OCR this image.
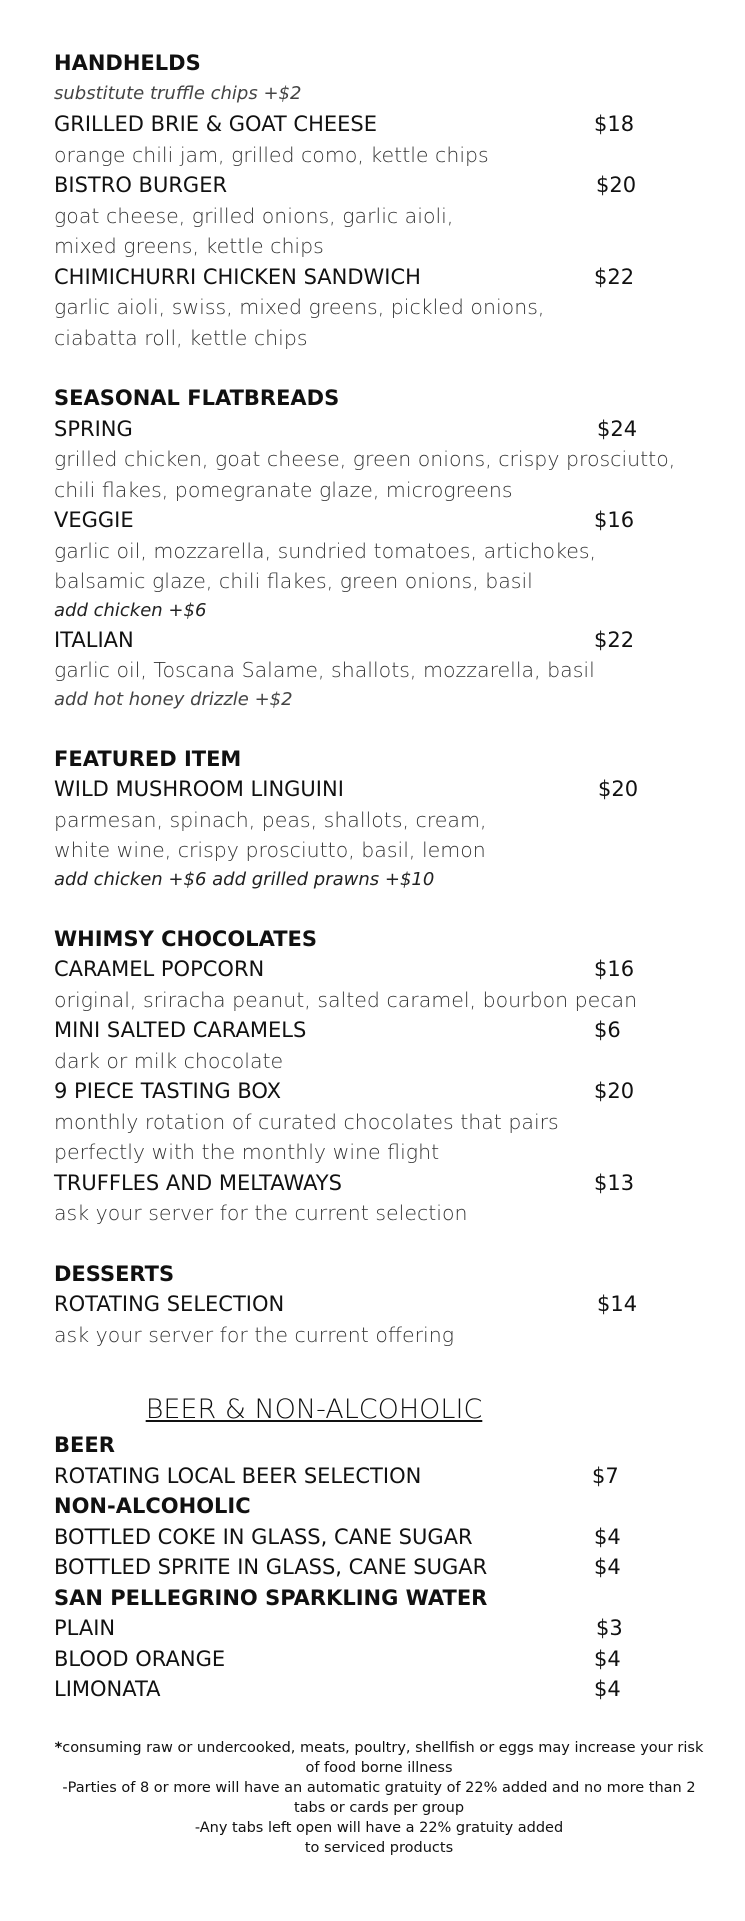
HANDHELDS
substitute truffle chips +$2
GRILLED BRIE & GOAT CHEESE	$18
orange chili jam, grilled como, kettle chips
BISTRO BURGER	$20
goat cheese, grilled onions, garlic aioli,
mixed greens, kettle chips
CHIMICHURRI CHICKEN SANDWICH	$22
garlic aioli, swiss, mixed greens, pickled onions,
ciabatta roll, kettle chips
SEASONAL FLATBREADS
SPRING	$24
grilled chicken, goat cheese, green onions, crispy prosciutto,
chili flakes, pomegranate glaze, microgreens
VEGGIE	$16
garlic oil, mozzarella, sundried tomatoes, artichokes,
balsamic glaze, chili flakes, green onions, basil
add chicken +$6
ITALIAN	$22
garlic oil, Toscana Salame, shallots, mozzarella, basil
add hot honey drizzle +$2
FEATURED ITEM
WILD MUSHROOM LINGUINI	$20
parmesan, spinach, peas, shallots, cream,
white wine, crispy prosciutto, basil, lemon
add chicken +$6 add grilled prawns +$10
WHIMSY CHOCOLATES
CARAMEL POPCORN	$16
original, sriracha peanut, salted caramel, bourbon pecan
MINI SALTED CARAMELS	$6
dark or milk chocolate
9 PIECE TASTING BOX	$20
monthly rotation of curated chocolates that pairs
perfectly with the monthly wine flight
TRUFFLES AND MELTAWAYS	$13
ask your server for the current selection
DESSERTS
ROTATING SELECTION	$14
ask your server for the current offering
BEER & NON-ALCOHOLIC
BEER
ROTATING LOCAL BEER SELECTION	$7
NON-ALCOHOLIC
BOTTLED COKE IN GLASS, CANE SUGAR	$4
BOTTLED SPRITE IN GLASS, CANE SUGAR	$4
SAN PELLEGRINO SPARKLING WATER
PLAIN	$3
BLOOD ORANGE	$4
LIMONATA	$4
*consuming raw or undercooked, meats, poultry, shellfish or eggs may increase your risk of food borne illness
-Parties of 8 or more will have an automatic gratuity of 22% added and no more than 2 tabs or cards per group
-Any tabs left open will have a 22% gratuity added
to serviced products
